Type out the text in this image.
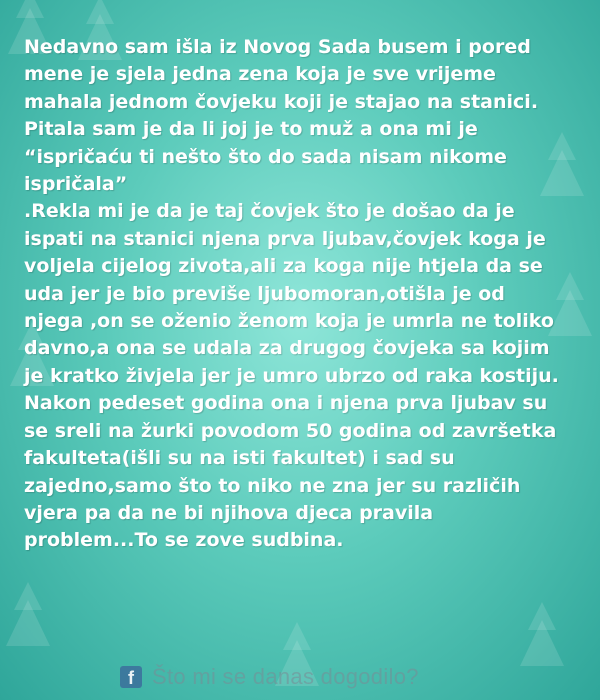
Nedavno sam išla iz Novog Sada busem i pored
mene je sjela jedna zena koja je sve vrijeme
mahala jednom čovjeku koji je stajao na stanici.
Pitala sam je da li joj je to muž a ona mi je
“ispričaću ti nešto što do sada nisam nikome
ispričala”
.Rekla mi je da je taj čovjek što je došao da je
ispati na stanici njena prva ljubav,čovjek koga je
voljela cijelog zivota,ali za koga nije htjela da se
uda jer je bio previše ljubomoran,otišla je od
njega ,on se oženio ženom koja je umrla ne toliko
davno,a ona se udala za drugog čovjeka sa kojim
je kratko živjela jer je umro ubrzo od raka kostiju.
Nakon pedeset godina ona i njena prva ljubav su
se sreli na žurki povodom 50 godina od završetka
fakulteta(išli su na isti fakultet) i sad su
zajedno,samo što to niko ne zna jer su različih
vjera pa da ne bi njihova djeca pravila
problem...To se zove sudbina.

f Što mi se danas dogodilo?
